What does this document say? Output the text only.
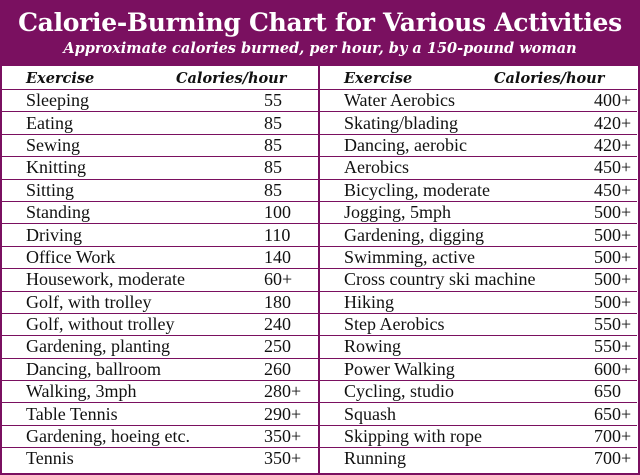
Calorie-Burning Chart for Various Activities
Approximate calories burned, per hour, by a 150-pound woman
Exercise	Calories/hour
Sleeping	55
Eating	85
Sewing	85
Knitting	85
Sitting	85
Standing	100
Driving	110
Office Work	140
Housework, moderate	60+
Golf, with trolley	180
Golf, without trolley	240
Gardening, planting	250
Dancing, ballroom	260
Walking, 3mph	280+
Table Tennis	290+
Gardening, hoeing etc.	350+
Tennis	350+
Exercise	Calories/hour
Water Aerobics	400+
Skating/blading	420+
Dancing, aerobic	420+
Aerobics	450+
Bicycling, moderate	450+
Jogging, 5mph	500+
Gardening, digging	500+
Swimming, active	500+
Cross country ski machine	500+
Hiking	500+
Step Aerobics	550+
Rowing	550+
Power Walking	600+
Cycling, studio	650
Squash	650+
Skipping with rope	700+
Running	700+
